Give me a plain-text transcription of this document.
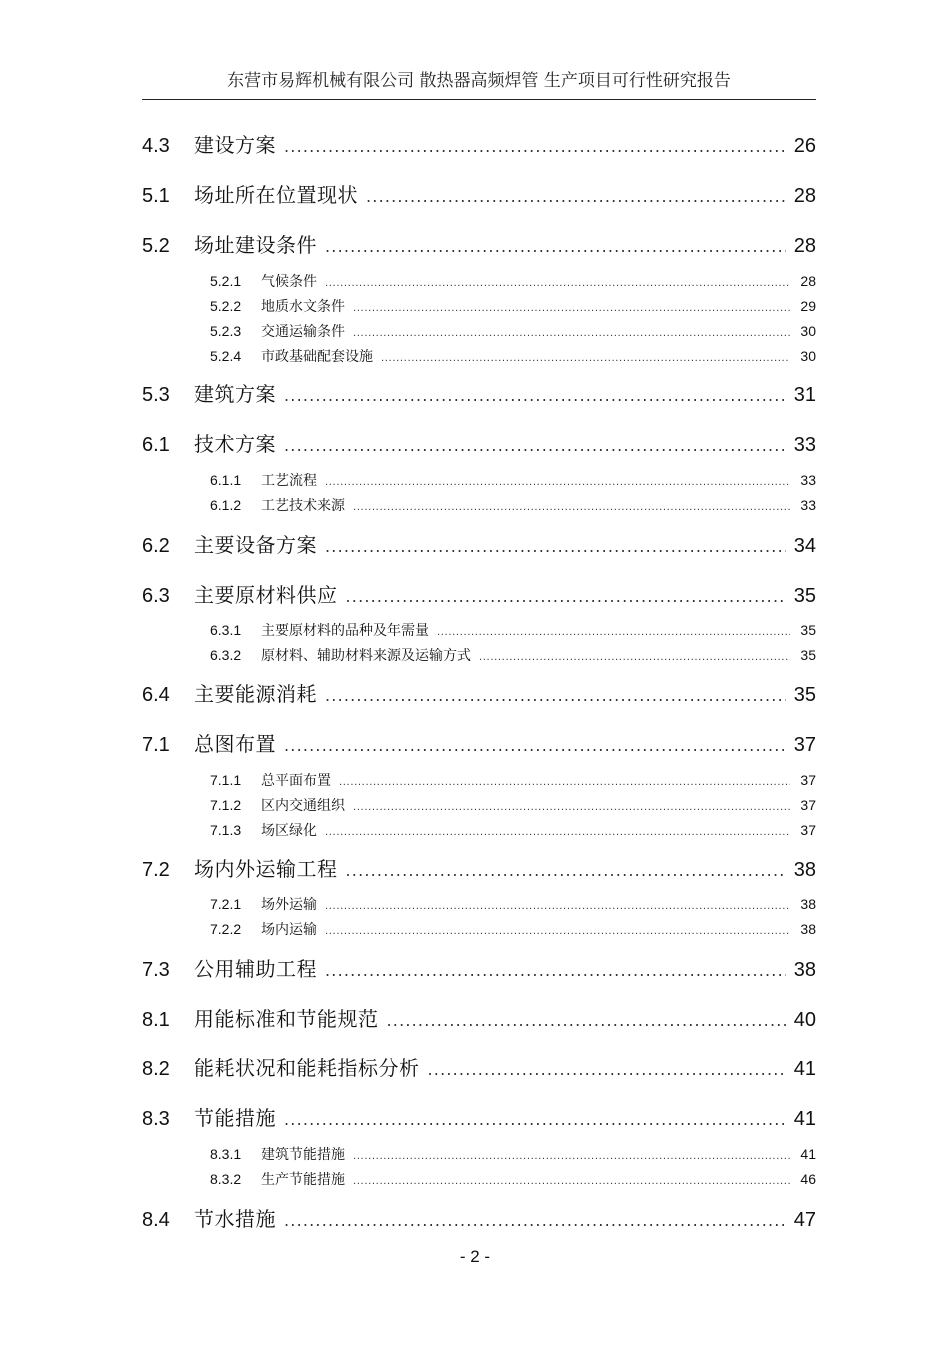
东营市易辉机械有限公司 散热器高频焊管 生产项目可行性研究报告
4.3	建设方案 .....	26
5.1	场址所在位置现状 .....	28
5.2	场址建设条件 .....	28
5.2.1	气候条件 .....	28
5.2.2	地质水文条件 .....	29
5.2.3	交通运输条件 .....	30
5.2.4	市政基础配套设施 .....	30
5.3	建筑方案 .....	31
6.1	技术方案 .....	33
6.1.1	工艺流程 .....	33
6.1.2	工艺技术来源 .....	33
6.2	主要设备方案 .....	34
6.3	主要原材料供应 .....	35
6.3.1	主要原材料的品种及年需量 .....	35
6.3.2	原材料、辅助材料来源及运输方式 .....	35
6.4	主要能源消耗 .....	35
7.1	总图布置 .....	37
7.1.1	总平面布置 .....	37
7.1.2	区内交通组织 .....	37
7.1.3	场区绿化 .....	37
7.2	场内外运输工程 .....	38
7.2.1	场外运输 .....	38
7.2.2	场内运输 .....	38
7.3	公用辅助工程 .....	38
8.1	用能标准和节能规范 .....	40
8.2	能耗状况和能耗指标分析 .....	41
8.3	节能措施 .....	41
8.3.1	建筑节能措施 .....	41
8.3.2	生产节能措施 .....	46
8.4	节水措施 .....	47
- 2 -
